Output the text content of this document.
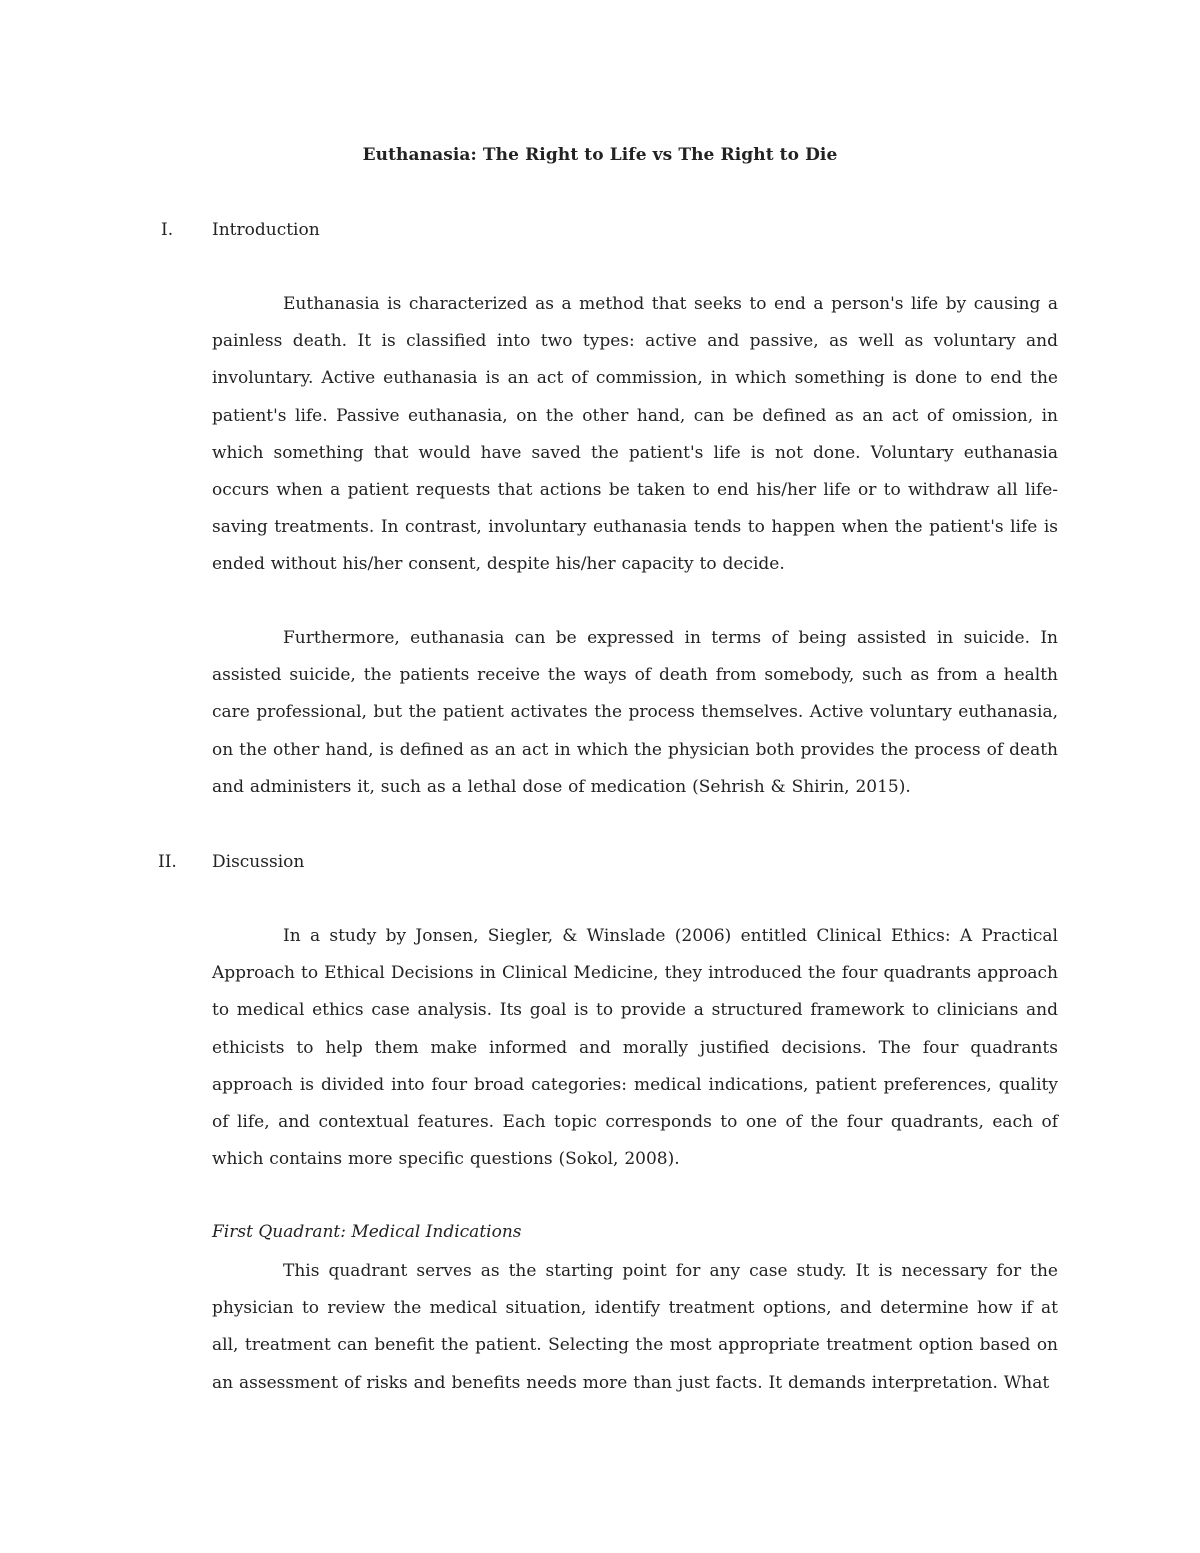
Euthanasia: The Right to Life vs The Right to Die
I.	Introduction

Euthanasia is characterized as a method that seeks to end a person's life by causing a painless death. It is classified into two types: active and passive, as well as voluntary and involuntary. Active euthanasia is an act of commission, in which something is done to end the patient's life. Passive euthanasia, on the other hand, can be defined as an act of omission, in which something that would have saved the patient's life is not done. Voluntary euthanasia occurs when a patient requests that actions be taken to end his/her life or to withdraw all life-saving treatments. In contrast, involuntary euthanasia tends to happen when the patient's life is ended without his/her consent, despite his/her capacity to decide.

Furthermore, euthanasia can be expressed in terms of being assisted in suicide. In assisted suicide, the patients receive the ways of death from somebody, such as from a health care professional, but the patient activates the process themselves. Active voluntary euthanasia, on the other hand, is defined as an act in which the physician both provides the process of death and administers it, such as a lethal dose of medication (Sehrish & Shirin, 2015).

II.	Discussion

In a study by Jonsen, Siegler, & Winslade (2006) entitled Clinical Ethics: A Practical Approach to Ethical Decisions in Clinical Medicine, they introduced the four quadrants approach to medical ethics case analysis. Its goal is to provide a structured framework to clinicians and ethicists to help them make informed and morally justified decisions. The four quadrants approach is divided into four broad categories: medical indications, patient preferences, quality of life, and contextual features. Each topic corresponds to one of the four quadrants, each of which contains more specific questions (Sokol, 2008).

First Quadrant: Medical Indications

This quadrant serves as the starting point for any case study. It is necessary for the physician to review the medical situation, identify treatment options, and determine how if at all, treatment can benefit the patient. Selecting the most appropriate treatment option based on an assessment of risks and benefits needs more than just facts. It demands interpretation. What
